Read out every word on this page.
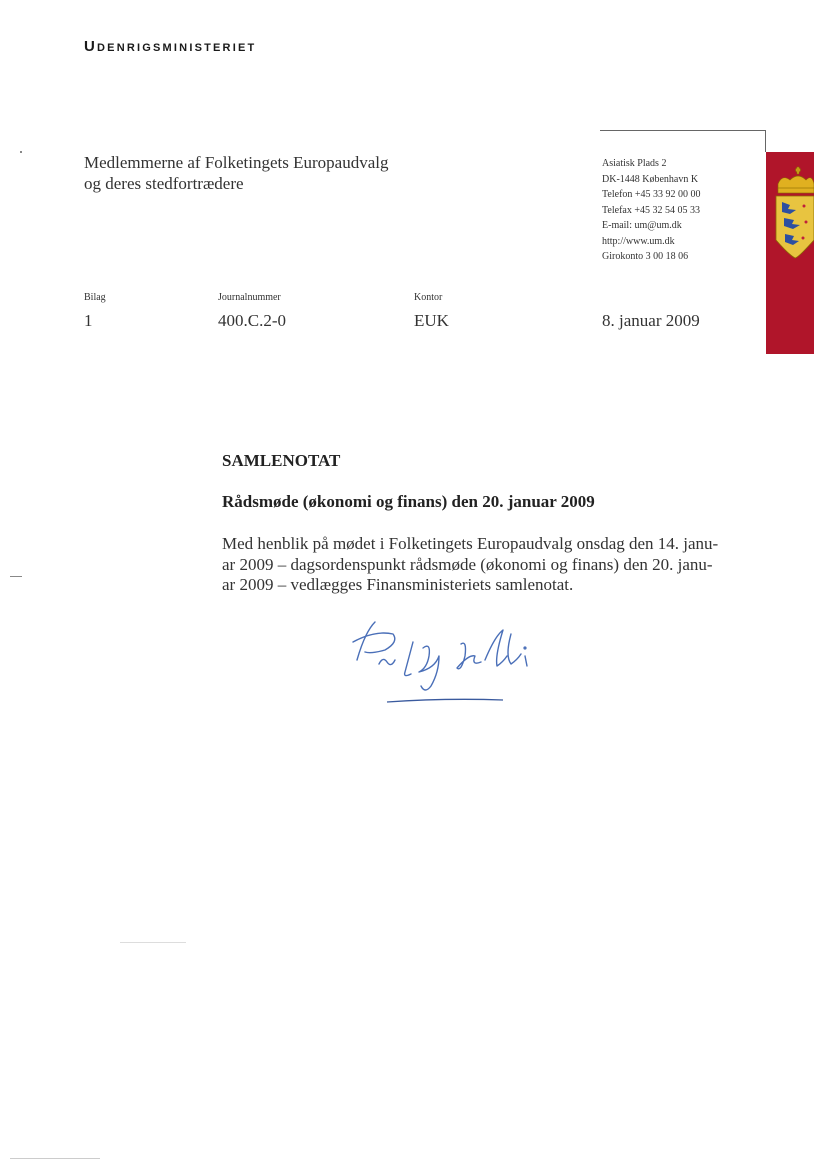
Udenrigsministeriet
Medlemmerne af Folketingets Europaudvalg
og deres stedfortrædere
Asiatisk Plads 2
DK-1448 København K
Telefon +45 33 92 00 00
Telefax +45 32 54 05 33
E-mail: um@um.dk
http://www.um.dk
Girokonto 3 00 18 06
Bilag
1
Journalnummer
400.C.2-0
Kontor
EUK	8. januar 2009
SAMLENOTAT
Rådsmøde (økonomi og finans) den 20. januar 2009
Med henblik på mødet i Folketingets Europaudvalg onsdag den 14. janu-
ar 2009 – dagsordenspunkt rådsmøde (økonomi og finans) den 20. janu-
ar 2009 – vedlægges Finansministeriets samlenotat.
